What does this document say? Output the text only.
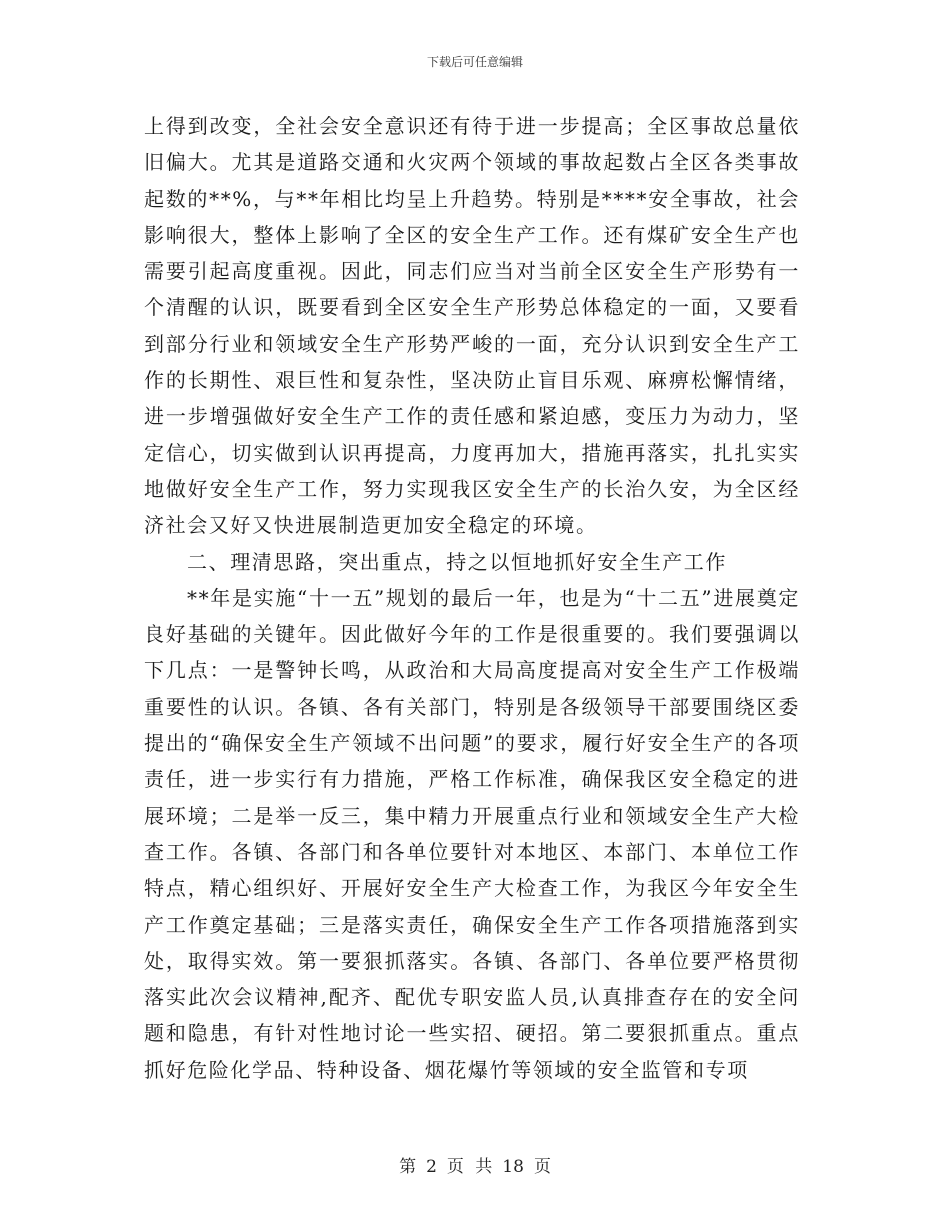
下载后可任意编辑

上得到改变，全社会安全意识还有待于进一步提高；全区事故总量依旧偏大。尤其是道路交通和火灾两个领域的事故起数占全区各类事故起数的**%，与**年相比均呈上升趋势。特别是****安全事故，社会影响很大，整体上影响了全区的安全生产工作。还有煤矿安全生产也需要引起高度重视。因此，同志们应当对当前全区安全生产形势有一个清醒的认识，既要看到全区安全生产形势总体稳定的一面，又要看到部分行业和领域安全生产形势严峻的一面，充分认识到安全生产工作的长期性、艰巨性和复杂性，坚决防止盲目乐观、麻痹松懈情绪，进一步增强做好安全生产工作的责任感和紧迫感，变压力为动力，坚定信心，切实做到认识再提高，力度再加大，措施再落实，扎扎实实地做好安全生产工作，努力实现我区安全生产的长治久安，为全区经济社会又好又快进展制造更加安全稳定的环境。

二、理清思路，突出重点，持之以恒地抓好安全生产工作

**年是实施“十一五”规划的最后一年，也是为“十二五”进展奠定良好基础的关键年。因此做好今年的工作是很重要的。我们要强调以下几点：一是警钟长鸣，从政治和大局高度提高对安全生产工作极端重要性的认识。各镇、各有关部门，特别是各级领导干部要围绕区委提出的“确保安全生产领域不出问题”的要求，履行好安全生产的各项责任，进一步实行有力措施，严格工作标准，确保我区安全稳定的进展环境；二是举一反三，集中精力开展重点行业和领域安全生产大检查工作。各镇、各部门和各单位要针对本地区、本部门、本单位工作特点，精心组织好、开展好安全生产大检查工作，为我区今年安全生产工作奠定基础；三是落实责任，确保安全生产工作各项措施落到实处，取得实效。第一要狠抓落实。各镇、各部门、各单位要严格贯彻落实此次会议精神,配齐、配优专职安监人员,认真排查存在的安全问题和隐患，有针对性地讨论一些实招、硬招。第二要狠抓重点。重点抓好危险化学品、特种设备、烟花爆竹等领域的安全监管和专项

第 2 页 共 18 页
